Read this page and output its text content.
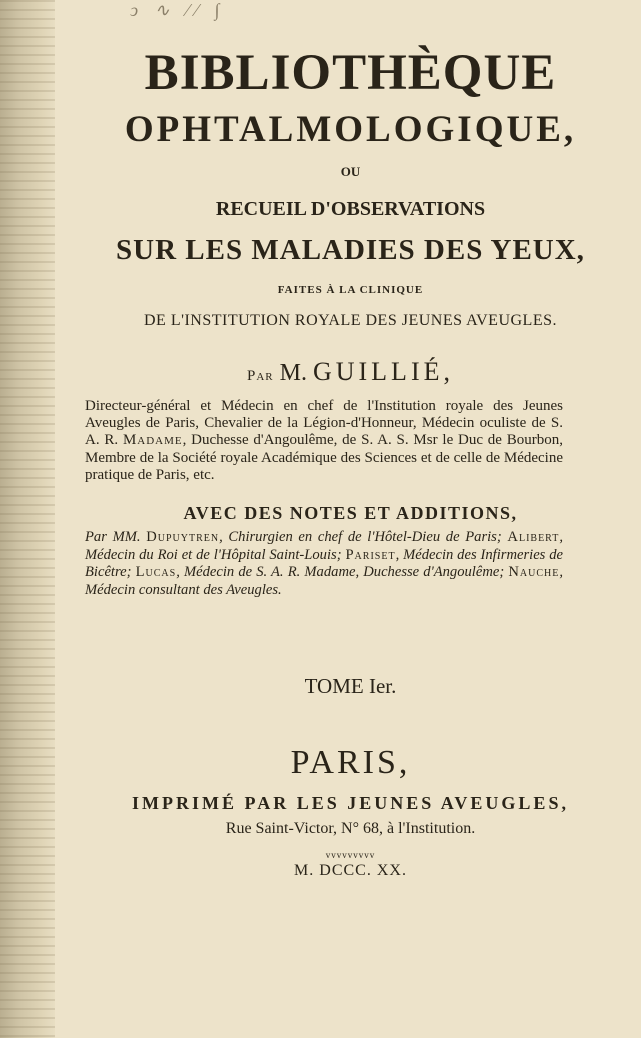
ↄ ∿ ⁄⁄ ∫
BIBLIOTHÈQUE
OPHTALMOLOGIQUE,
OU
RECUEIL D'OBSERVATIONS
SUR LES MALADIES DES YEUX,
FAITES À LA CLINIQUE
DE L'INSTITUTION ROYALE DES JEUNES AVEUGLES.
Par M. GUILLIÉ,
Directeur-général et Médecin en chef de l'Institution royale des Jeunes Aveugles de Paris, Chevalier de la Légion-d'Honneur, Médecin oculiste de S. A. R. Madame, Duchesse d'Angoulême, de S. A. S. Msr le Duc de Bourbon, Membre de la Société royale Académique des Sciences et de celle de Médecine pratique de Paris, etc.
AVEC DES NOTES ET ADDITIONS,
Par MM. Dupuytren, Chirurgien en chef de l'Hôtel-Dieu de Paris; Alibert, Médecin du Roi et de l'Hôpital Saint-Louis; Pariset, Médecin des Infirmeries de Bicêtre; Lucas, Médecin de S. A. R. Madame, Duchesse d'Angoulême; Nauche, Médecin consultant des Aveugles.
TOME Ier.
PARIS,
IMPRIMÉ PAR LES JEUNES AVEUGLES,
Rue Saint-Victor, N° 68, à l'Institution.
vvvvvvvvv
M. DCCC. XX.
